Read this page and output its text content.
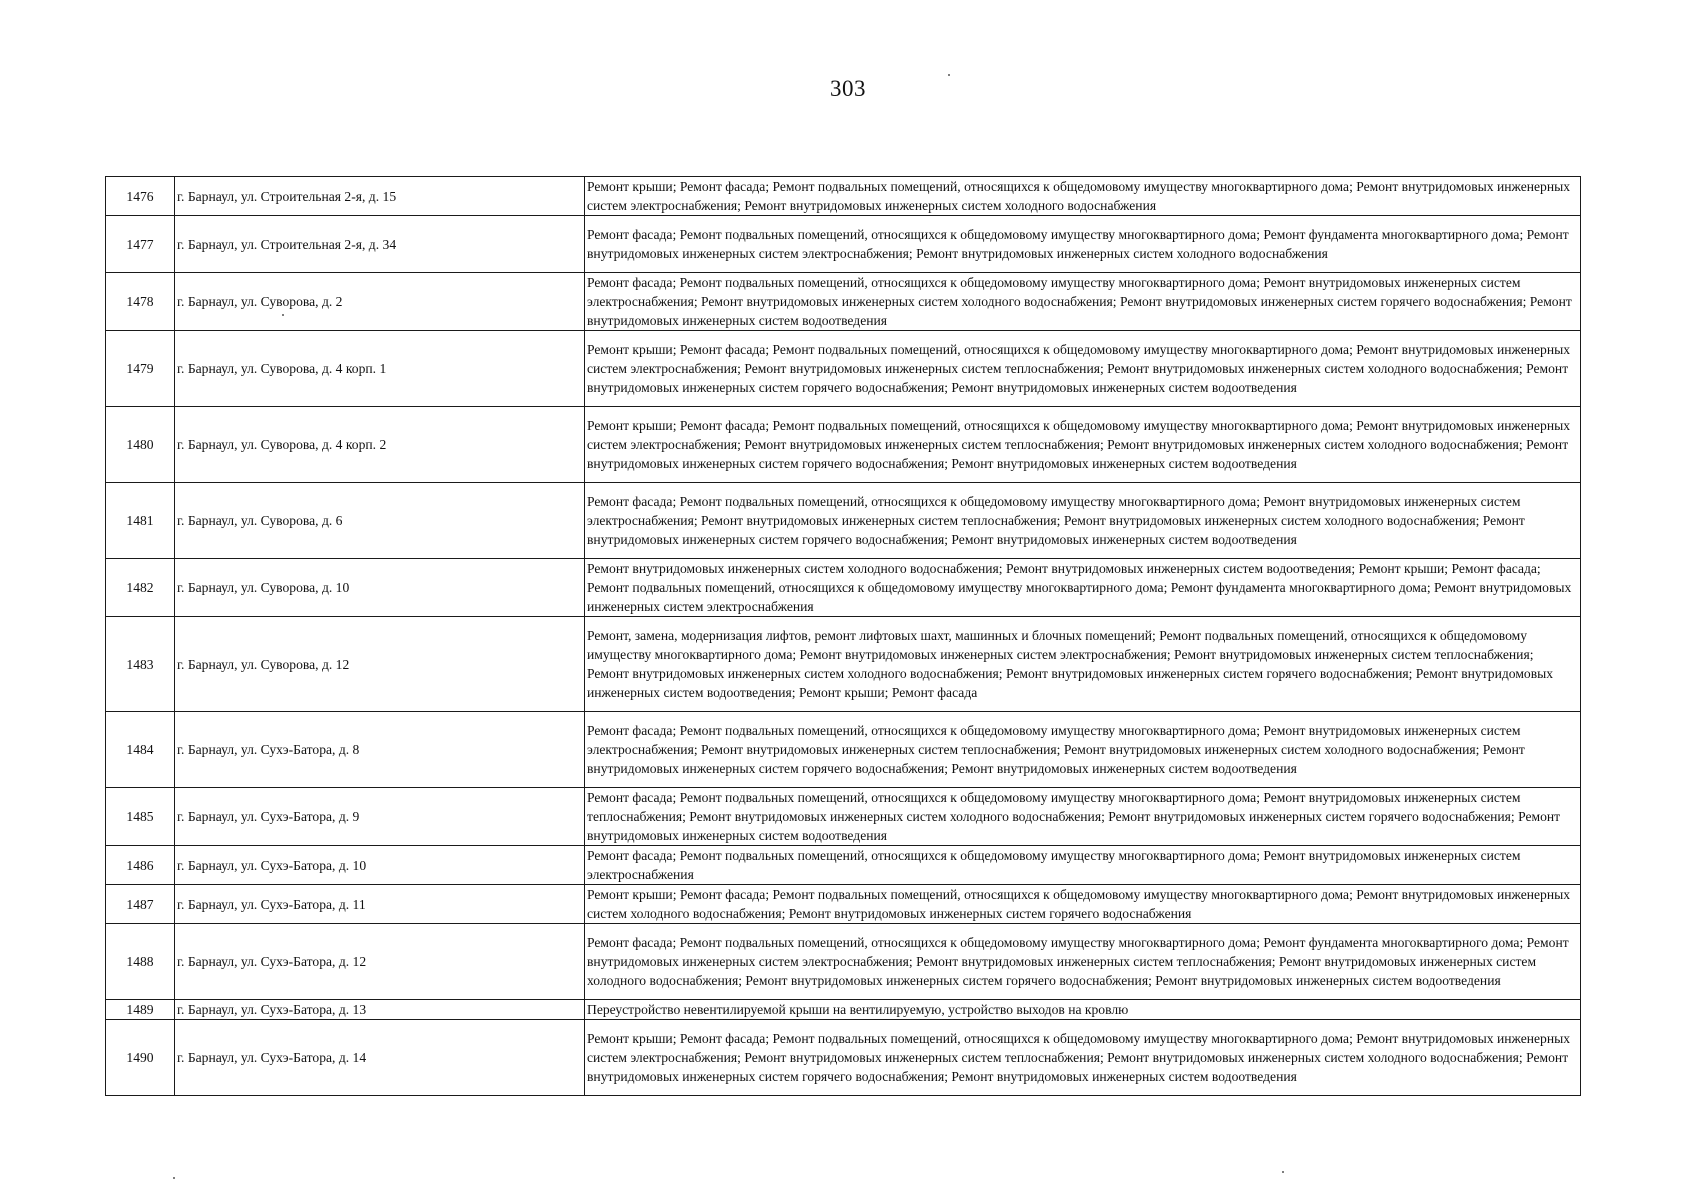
303
1476	г. Барнаул, ул. Строительная 2-я, д. 15	Ремонт крыши; Ремонт фасада; Ремонт подвальных помещений, относящихся к общедомовому имуществу многоквартирного дома; Ремонт внутридомовых инженерных систем электроснабжения; Ремонт внутридомовых инженерных систем холодного водоснабжения
1477	г. Барнаул, ул. Строительная 2-я, д. 34	Ремонт фасада; Ремонт подвальных помещений, относящихся к общедомовому имуществу многоквартирного дома; Ремонт фундамента многоквартирного дома; Ремонт внутридомовых инженерных систем электроснабжения; Ремонт внутридомовых инженерных систем холодного водоснабжения
1478	г. Барнаул, ул. Суворова, д. 2	Ремонт фасада; Ремонт подвальных помещений, относящихся к общедомовому имуществу многоквартирного дома; Ремонт внутридомовых инженерных систем электроснабжения; Ремонт внутридомовых инженерных систем холодного водоснабжения; Ремонт внутридомовых инженерных систем горячего водоснабжения; Ремонт внутридомовых инженерных систем водоотведения
1479	г. Барнаул, ул. Суворова, д. 4 корп. 1	Ремонт крыши; Ремонт фасада; Ремонт подвальных помещений, относящихся к общедомовому имуществу многоквартирного дома; Ремонт внутридомовых инженерных систем электроснабжения; Ремонт внутридомовых инженерных систем теплоснабжения; Ремонт внутридомовых инженерных систем холодного водоснабжения; Ремонт внутридомовых инженерных систем горячего водоснабжения; Ремонт внутридомовых инженерных систем водоотведения
1480	г. Барнаул, ул. Суворова, д. 4 корп. 2	Ремонт крыши; Ремонт фасада; Ремонт подвальных помещений, относящихся к общедомовому имуществу многоквартирного дома; Ремонт внутридомовых инженерных систем электроснабжения; Ремонт внутридомовых инженерных систем теплоснабжения; Ремонт внутридомовых инженерных систем холодного водоснабжения; Ремонт внутридомовых инженерных систем горячего водоснабжения; Ремонт внутридомовых инженерных систем водоотведения
1481	г. Барнаул, ул. Суворова, д. 6	Ремонт фасада; Ремонт подвальных помещений, относящихся к общедомовому имуществу многоквартирного дома; Ремонт внутридомовых инженерных систем электроснабжения; Ремонт внутридомовых инженерных систем теплоснабжения; Ремонт внутридомовых инженерных систем холодного водоснабжения; Ремонт внутридомовых инженерных систем горячего водоснабжения; Ремонт внутридомовых инженерных систем водоотведения
1482	г. Барнаул, ул. Суворова, д. 10	Ремонт внутридомовых инженерных систем холодного водоснабжения; Ремонт внутридомовых инженерных систем водоотведения; Ремонт крыши; Ремонт фасада; Ремонт подвальных помещений, относящихся к общедомовому имуществу многоквартирного дома; Ремонт фундамента многоквартирного дома; Ремонт внутридомовых инженерных систем электроснабжения
1483	г. Барнаул, ул. Суворова, д. 12	Ремонт, замена, модернизация лифтов, ремонт лифтовых шахт, машинных и блочных помещений; Ремонт подвальных помещений, относящихся к общедомовому имуществу многоквартирного дома; Ремонт внутридомовых инженерных систем электроснабжения; Ремонт внутридомовых инженерных систем теплоснабжения; Ремонт внутридомовых инженерных систем холодного водоснабжения; Ремонт внутридомовых инженерных систем горячего водоснабжения; Ремонт внутридомовых инженерных систем водоотведения; Ремонт крыши; Ремонт фасада
1484	г. Барнаул, ул. Сухэ-Батора, д. 8	Ремонт фасада; Ремонт подвальных помещений, относящихся к общедомовому имуществу многоквартирного дома; Ремонт внутридомовых инженерных систем электроснабжения; Ремонт внутридомовых инженерных систем теплоснабжения; Ремонт внутридомовых инженерных систем холодного водоснабжения; Ремонт внутридомовых инженерных систем горячего водоснабжения; Ремонт внутридомовых инженерных систем водоотведения
1485	г. Барнаул, ул. Сухэ-Батора, д. 9	Ремонт фасада; Ремонт подвальных помещений, относящихся к общедомовому имуществу многоквартирного дома; Ремонт внутридомовых инженерных систем теплоснабжения; Ремонт внутридомовых инженерных систем холодного водоснабжения; Ремонт внутридомовых инженерных систем горячего водоснабжения; Ремонт внутридомовых инженерных систем водоотведения
1486	г. Барнаул, ул. Сухэ-Батора, д. 10	Ремонт фасада; Ремонт подвальных помещений, относящихся к общедомовому имуществу многоквартирного дома; Ремонт внутридомовых инженерных систем электроснабжения
1487	г. Барнаул, ул. Сухэ-Батора, д. 11	Ремонт крыши; Ремонт фасада; Ремонт подвальных помещений, относящихся к общедомовому имуществу многоквартирного дома; Ремонт внутридомовых инженерных систем холодного водоснабжения; Ремонт внутридомовых инженерных систем горячего водоснабжения
1488	г. Барнаул, ул. Сухэ-Батора, д. 12	Ремонт фасада; Ремонт подвальных помещений, относящихся к общедомовому имуществу многоквартирного дома; Ремонт фундамента многоквартирного дома; Ремонт внутридомовых инженерных систем электроснабжения; Ремонт внутридомовых инженерных систем теплоснабжения; Ремонт внутридомовых инженерных систем холодного водоснабжения; Ремонт внутридомовых инженерных систем горячего водоснабжения; Ремонт внутридомовых инженерных систем водоотведения
1489	г. Барнаул, ул. Сухэ-Батора, д. 13	Переустройство невентилируемой крыши на вентилируемую, устройство выходов на кровлю
1490	г. Барнаул, ул. Сухэ-Батора, д. 14	Ремонт крыши; Ремонт фасада; Ремонт подвальных помещений, относящихся к общедомовому имуществу многоквартирного дома; Ремонт внутридомовых инженерных систем электроснабжения; Ремонт внутридомовых инженерных систем теплоснабжения; Ремонт внутридомовых инженерных систем холодного водоснабжения; Ремонт внутридомовых инженерных систем горячего водоснабжения; Ремонт внутридомовых инженерных систем водоотведения
